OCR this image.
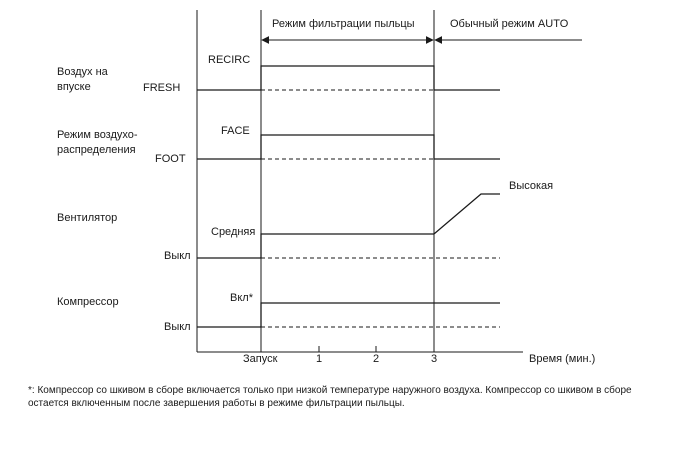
Режим фильтрации пыльцы	Обычный режим AUTO
Запуск	1	2	3	Время (мин.)
Воздух на
впуске	FRESH
RECIRC
Режим воздухо-
распределения
FOOT
FACE
Вентилятор
Выкл
Средняя
Высокая
Компрессор
Выкл
Вкл*

*: Компрессор со шкивом в сборе включается только при низкой температуре наружного воздуха. Компрессор со шкивом в сборе остается включенным после завершения работы в режиме фильтрации пыльцы.
